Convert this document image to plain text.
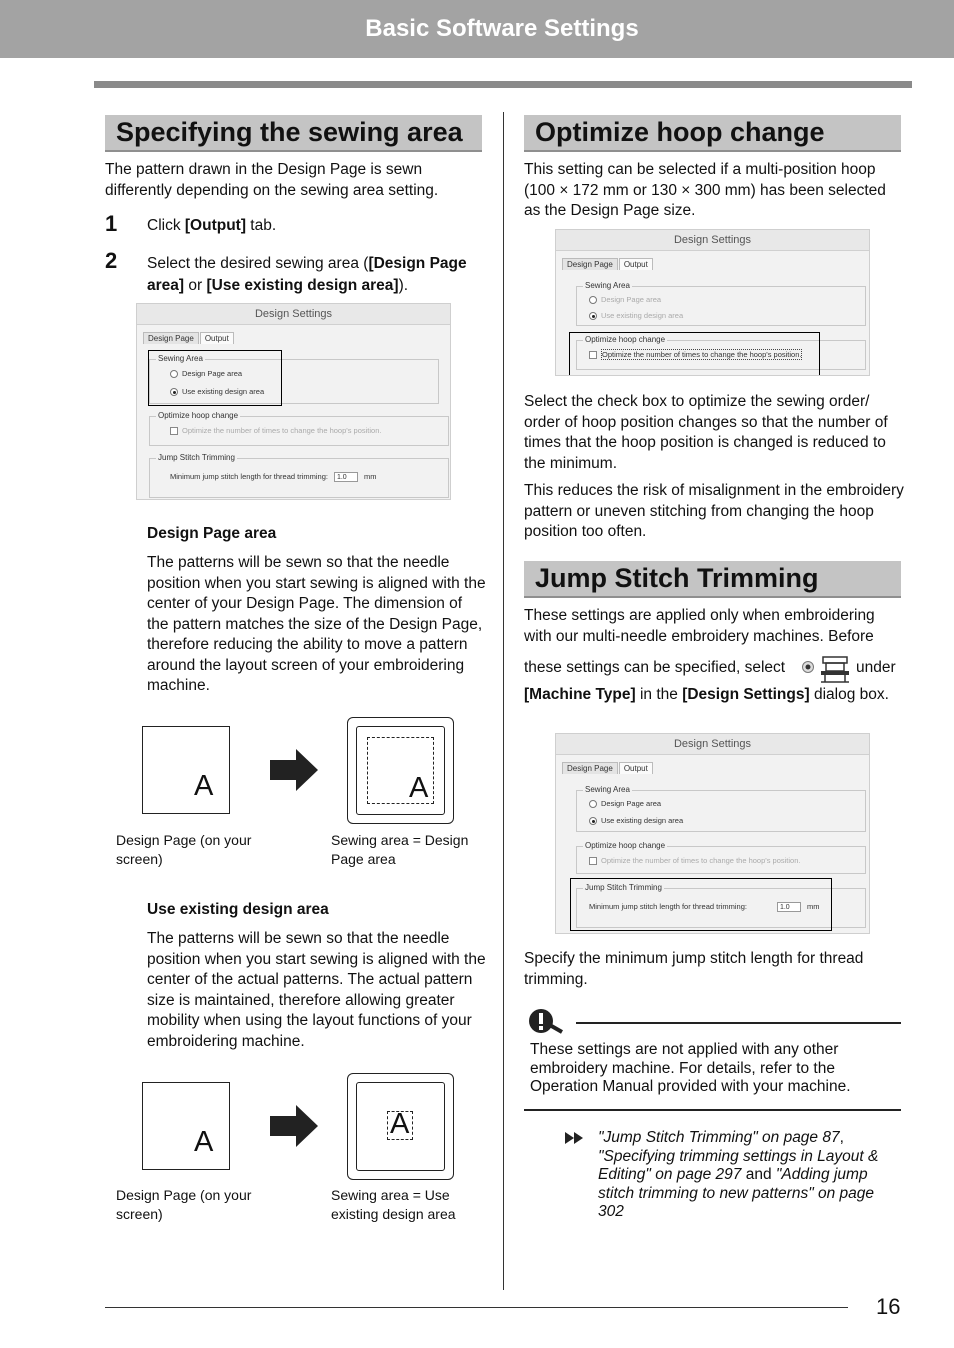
Basic Software Settings
Specifying the sewing area
The pattern drawn in the Design Page is sewn differently depending on the sewing area setting.
1 Click [Output] tab.
2 Select the desired sewing area ([Design Page area] or [Use existing design area]).
Design Settings
Design Page Output
Sewing Area
Design Page area
Use existing design area
Optimize hoop change
Optimize the number of times to change the hoop's position.
Jump Stitch Trimming
Minimum jump stitch length for thread trimming: 1.0 mm
Design Page area
The patterns will be sewn so that the needle position when you start sewing is aligned with the center of your Design Page. The dimension of the pattern matches the size of the Design Page, therefore reducing the ability to move a pattern around the layout screen of your embroidering machine.
A	A
Design Page (on your screen)
Sewing area = Design Page area
Use existing design area
The patterns will be sewn so that the needle position when you start sewing is aligned with the center of the actual patterns. The actual pattern size is maintained, therefore allowing greater mobility when using the layout functions of your embroidering machine.
A
A
Design Page (on your screen)
Sewing area = Use existing design area
Optimize hoop change
This setting can be selected if a multi-position hoop (100 × 172 mm or 130 × 300 mm) has been selected as the Design Page size.
Design Settings
Design Page Output
Sewing Area
Design Page area
Use existing design area
Optimize hoop change
Optimize the number of times to change the hoop's position.
Select the check box to optimize the sewing order/ order of hoop position changes so that the number of times that the hoop position is changed is reduced to the minimum.
This reduces the risk of misalignment in the embroidery pattern or uneven stitching from changing the hoop position too often.
Jump Stitch Trimming
These settings are applied only when embroidering with our multi-needle embroidery machines. Before
these settings can be specified, select	under
[Machine Type] in the [Design Settings] dialog box.
Design Settings
Design Page Output
Sewing Area
Design Page area
Use existing design area
Optimize hoop change
Optimize the number of times to change the hoop's position.
Jump Stitch Trimming
Minimum jump stitch length for thread trimming:	1.0 mm
Specify the minimum jump stitch length for thread trimming.
These settings are not applied with any other embroidery machine. For details, refer to the Operation Manual provided with your machine.
"Jump Stitch Trimming" on page 87, "Specifying trimming settings in Layout & Editing" on page 297 and "Adding jump stitch trimming to new patterns" on page 302
16
